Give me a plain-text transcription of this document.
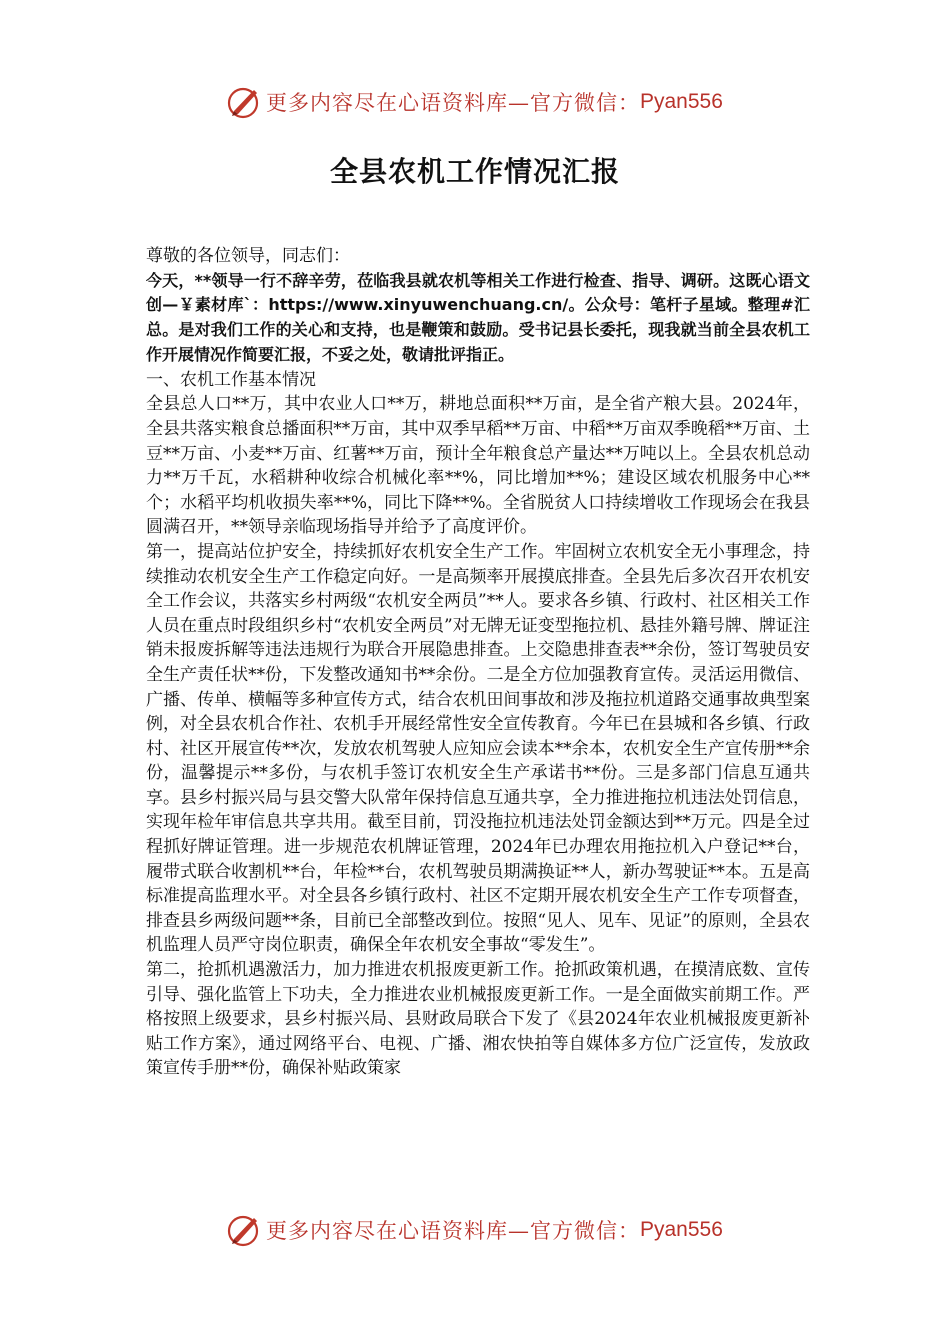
更多内容尽在心语资料库—官方微信： Pyan556
全县农机工作情况汇报

尊敬的各位领导，同志们：

今天，**领导一行不辞辛劳，莅临我县就农机等相关工作进行检查、指导、调研。这既心语文创—￥素材库`：https://www.xinyuwenchuang.cn/。公众号：笔杆子星域。整理#汇总。是对我们工作的关心和支持，也是鞭策和鼓励。受书记县长委托，现我就当前全县农机工作开展情况作简要汇报，不妥之处，敬请批评指正。

一、农机工作基本情况

全县总人口**万，其中农业人口**万，耕地总面积**万亩，是全省产粮大县。2024年，全县共落实粮食总播面积**万亩，其中双季早稻**万亩、中稻**万亩双季晚稻**万亩、土豆**万亩、小麦**万亩、红薯**万亩，预计全年粮食总产量达**万吨以上。全县农机总动力**万千瓦，水稻耕种收综合机械化率**%，同比增加**%；建设区域农机服务中心**个；水稻平均机收损失率**%，同比下降**%。全省脱贫人口持续增收工作现场会在我县圆满召开，**领导亲临现场指导并给予了高度评价。

第一，提高站位护安全，持续抓好农机安全生产工作。牢固树立农机安全无小事理念，持续推动农机安全生产工作稳定向好。一是高频率开展摸底排查。全县先后多次召开农机安全工作会议，共落实乡村两级“农机安全两员”**人。要求各乡镇、行政村、社区相关工作人员在重点时段组织乡村“农机安全两员”对无牌无证变型拖拉机、悬挂外籍号牌、牌证注销未报废拆解等违法违规行为联合开展隐患排查。上交隐患排查表**余份，签订驾驶员安全生产责任状**份，下发整改通知书**余份。二是全方位加强教育宣传。灵活运用微信、广播、传单、横幅等多种宣传方式，结合农机田间事故和涉及拖拉机道路交通事故典型案例，对全县农机合作社、农机手开展经常性安全宣传教育。今年已在县城和各乡镇、行政村、社区开展宣传**次，发放农机驾驶人应知应会读本**余本，农机安全生产宣传册**余份，温馨提示**多份，与农机手签订农机安全生产承诺书**份。三是多部门信息互通共享。县乡村振兴局与县交警大队常年保持信息互通共享，全力推进拖拉机违法处罚信息，实现年检年审信息共享共用。截至目前，罚没拖拉机违法处罚金额达到**万元。四是全过程抓好牌证管理。进一步规范农机牌证管理，2024年已办理农用拖拉机入户登记**台，履带式联合收割机**台，年检**台，农机驾驶员期满换证**人，新办驾驶证**本。五是高标准提高监理水平。对全县各乡镇行政村、社区不定期开展农机安全生产工作专项督查，排查县乡两级问题**条，目前已全部整改到位。按照“见人、见车、见证”的原则，全县农机监理人员严守岗位职责，确保全年农机安全事故“零发生”。

第二，抢抓机遇激活力，加力推进农机报废更新工作。抢抓政策机遇，在摸清底数、宣传引导、强化监管上下功夫，全力推进农业机械报废更新工作。一是全面做实前期工作。严格按照上级要求，县乡村振兴局、县财政局联合下发了《县2024年农业机械报废更新补贴工作方案》，通过网络平台、电视、广播、湘农快拍等自媒体多方位广泛宣传，发放政策宣传手册**份，确保补贴政策家

更多内容尽在心语资料库—官方微信： Pyan556
